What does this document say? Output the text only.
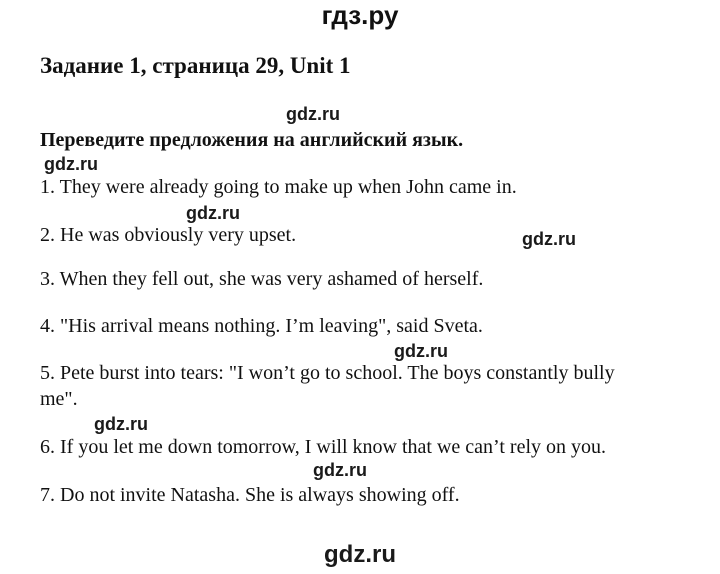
гдз.ру
Задание 1, страница 29, Unit 1
gdz.ru
Переведите предложения на английский язык.
gdz.ru
1. They were already going to make up when John came in.
gdz.ru
2. He was obviously very upset.	gdz.ru
3. When they fell out, she was very ashamed of herself.
4. "His arrival means nothing. I’m leaving", said Sveta.
gdz.ru
5. Pete burst into tears: "I won’t go to school. The boys constantly bully
me".
gdz.ru
6. If you let me down tomorrow, I will know that we can’t rely on you.
gdz.ru
7. Do not invite Natasha. She is always showing off.
gdz.ru
